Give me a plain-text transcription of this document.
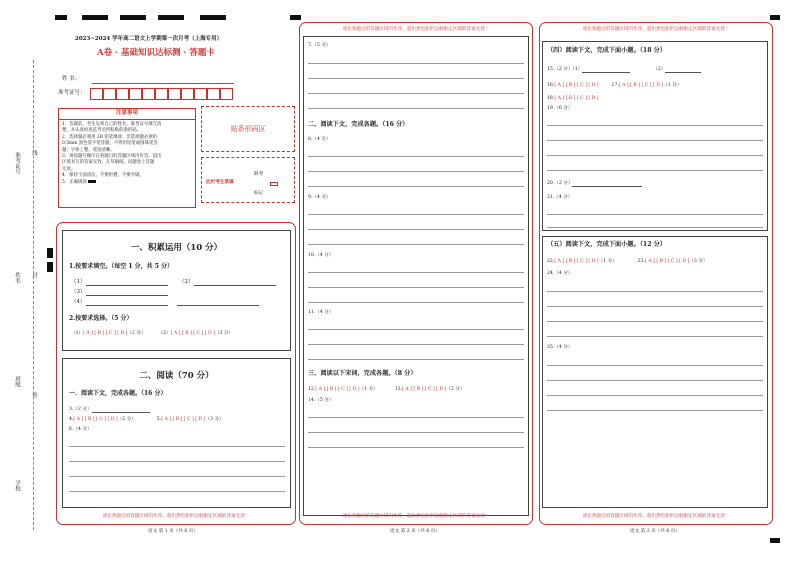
准考证号 线
姓名 封
班级
密
学校
2023~2024 学年高二语文上学期第一次月考（上海专用）
A卷 · 基础知识达标测 · 答题卡
姓 名：
准考证号：
注意事项
1．答题前，考生先将自己的姓名、准考证号填写清
楚，并认真检查监考员所粘贴的条形码。
2．选择题必须用 2B 铅笔填涂；非选择题必须用
0.5mm 黑色签字笔答题，不得用铅笔或圆珠笔答
题；字体工整、笔迹清晰。
3．请按题号顺序在各题目的答题区域内作答，超出
区域书写的答案无效；在草稿纸、试题卷上答题
无效。
4．保持卡面清洁，不要折叠、不要弄破。
5．正确填涂
贴条形码区
此栏考生禁填
缺考
标记
一、积累运用（10 分）
1.按要求填空。（每空 1 分，共 5 分）
（1）	（2）
（3）
（4）
2.按要求选择。（5 分）
（1）[ A ] [ B ] [ C ] [ D ]（2 分）	（2）[ A ] [ B ] [ C ] [ D ]（3 分）
二、阅读（70 分）
一．阅读下文，完成各题。（16 分）
3.（2 分）
4.[ A ] [ B ] [ C ] [ D ]（2 分）	5.[ A ] [ B ] [ C ] [ D ]（3 分）
6.（4 分）
请在各题目的答题区域内作答，超出黑色矩形边框限定区域的答案无效！
语文 第 1 页（共 6 页）
请在各题目的答题区域内作答，超出黑色矩形边框限定区域的答案无效！
7.（5 分）
二、阅读下文，完成各题。（16 分）
8.（4 分）
9.（4 分）
10.（4 分）
11.（4 分）
三、阅读以下宋词，完成各题。（8 分）
12.[ A ] [ B ] [ C ] [ D ]（1 分）	13.[ A ] [ B ] [ C ] [ D ]（2 分）
14.（5 分）
请在各题目的答题区域内作答，超出黑色矩形边框限定区域的答案无效！
语文 第 2 页（共 6 页）
请在各题目的答题区域内作答，超出黑色矩形边框限定区域的答案无效！
（四）阅读下文，完成下面小题。（18 分）
15.（2 分）（1）	（2）
16.[ A ] [ B ] [ C ] [ D ]	17.[ A ] [ B ] [ C ] [ D ]（1 分）
18.[ A ] [ B ] [ C ] [ D ]
19.（6 分）
20.（2 分）
21.（4 分）
（五）阅读下文，完成下面小题。（12 分）
22.[ A ] [ B ] [ C ] [ D ]（1 分）	23.[ A ] [ B ] [ C ] [ D ]（3 分）
24.（4 分）
25.（4 分）
请在各题目的答题区域内作答，超出黑色矩形边框限定区域的答案无效！
语文 第 3 页（共 6 页）
